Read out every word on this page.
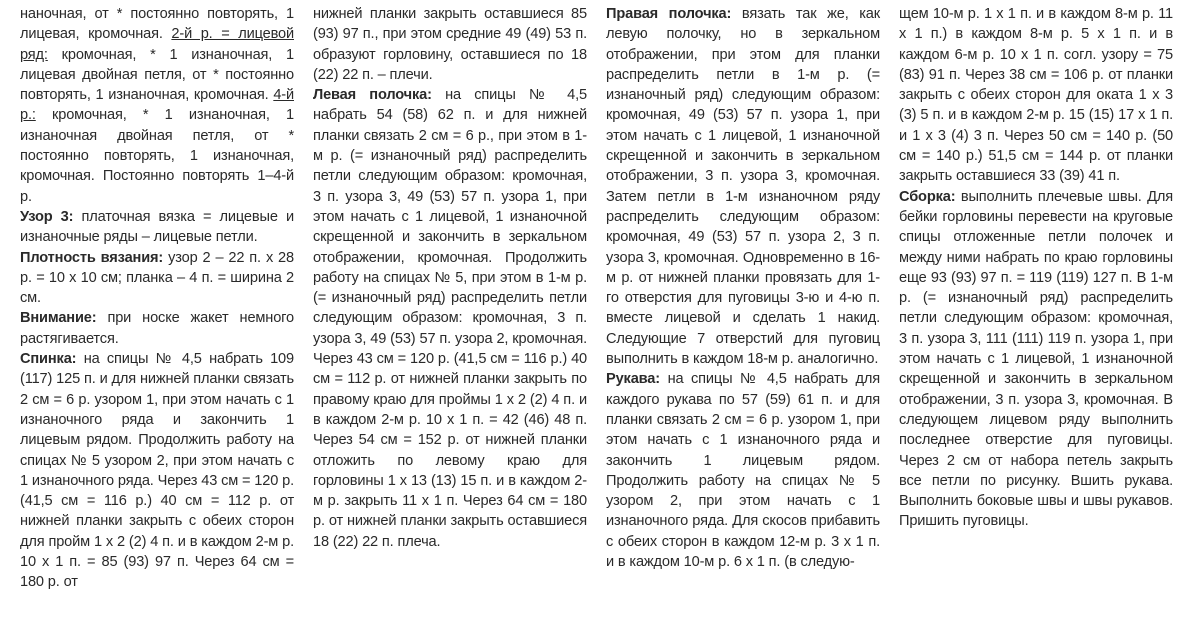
наночная, от * постоянно повторять, 1 лицевая, кромочная. 2-й р. = лицевой ряд: кромочная, * 1 изнаночная, 1 лицевая двойная петля, от * постоянно повторять, 1 изнаночная, кромочная. 4-й р.: кромочная, * 1 изнаночная, 1 изнаночная двойная петля, от * постоянно повторять, 1 изнаночная, кромочная. Постоянно повторять 1–4-й р.

Узор 3: платочная вязка = лицевые и изнаночные ряды – лицевые петли.

Плотность вязания: узор 2 – 22 п. х 28 р. = 10 х 10 см; планка – 4 п. = ширина 2 см.

Внимание: при носке жакет немного растягивается.

Спинка: на спицы № 4,5 набрать 109 (117) 125 п. и для нижней планки связать 2 см = 6 р. узором 1, при этом начать с 1 изнаночного ряда и закончить 1 лицевым рядом. Продолжить работу на спицах № 5 узором 2, при этом начать с 1 изнаночного ряда. Через 43 см = 120 р. (41,5 см = 116 р.) 40 см = 112 р. от нижней планки закрыть с обеих сторон для пройм 1 х 2 (2) 4 п. и в каждом 2-м р. 10 х 1 п. = 85 (93) 97 п. Через 64 см = 180 р. от

нижней планки закрыть оставшиеся 85 (93) 97 п., при этом средние 49 (49) 53 п. образуют горловину, оставшиеся по 18 (22) 22 п. – плечи.

Левая полочка: на спицы № 4,5 набрать 54 (58) 62 п. и для нижней планки связать 2 см = 6 р., при этом в 1-м р. (= изнаночный ряд) распределить петли следующим образом: кромочная, 3 п. узора 3, 49 (53) 57 п. узора 1, при этом начать с 1 лицевой, 1 изнаночной скрещенной и закончить в зеркальном отображении, кромочная. Продолжить работу на спицах № 5, при этом в 1-м р. (= изнаночный ряд) распределить петли следующим образом: кромочная, 3 п. узора 3, 49 (53) 57 п. узора 2, кромочная. Через 43 см = 120 р. (41,5 см = 116 р.) 40 см = 112 р. от нижней планки закрыть по правому краю для проймы 1 х 2 (2) 4 п. и в каждом 2-м р. 10 х 1 п. = 42 (46) 48 п. Через 54 см = 152 р. от нижней планки отложить по левому краю для горловины 1 х 13 (13) 15 п. и в каждом 2-м р. закрыть 11 х 1 п. Через 64 см = 180 р. от нижней планки закрыть оставшиеся 18 (22) 22 п. плеча.

Правая полочка: вязать так же, как левую полочку, но в зеркальном отображении, при этом для планки распределить петли в 1-м р. (= изнаночный ряд) следующим образом: кромочная, 49 (53) 57 п. узора 1, при этом начать с 1 лицевой, 1 изнаночной скрещенной и закончить в зеркальном отображении, 3 п. узора 3, кромочная. Затем петли в 1-м изнаночном ряду распределить следующим образом: кромочная, 49 (53) 57 п. узора 2, 3 п. узора 3, кромочная. Одновременно в 16-м р. от нижней планки провязать для 1-го отверстия для пуговицы 3-ю и 4-ю п. вместе лицевой и сделать 1 накид. Следующие 7 отверстий для пуговиц выполнить в каждом 18-м р. аналогично.

Рукава: на спицы № 4,5 набрать для каждого рукава по 57 (59) 61 п. и для планки связать 2 см = 6 р. узором 1, при этом начать с 1 изнаночного ряда и закончить 1 лицевым рядом. Продолжить работу на спицах № 5 узором 2, при этом начать с 1 изнаночного ряда. Для скосов прибавить с обеих сторон в каждом 12-м р. 3 х 1 п. и в каждом 10-м р. 6 х 1 п. (в следую-

щем 10-м р. 1 х 1 п. и в каждом 8-м р. 11 х 1 п.) в каждом 8-м р. 5 х 1 п. и в каждом 6-м р. 10 х 1 п. согл. узору = 75 (83) 91 п. Через 38 см = 106 р. от планки закрыть с обеих сторон для оката 1 х 3 (3) 5 п. и в каждом 2-м р. 15 (15) 17 х 1 п. и 1 х 3 (4) 3 п. Через 50 см = 140 р. (50 см = 140 р.) 51,5 см = 144 р. от планки закрыть оставшиеся 33 (39) 41 п.

Сборка: выполнить плечевые швы. Для бейки горловины перевести на круговые спицы отложенные петли полочек и между ними набрать по краю горловины еще 93 (93) 97 п. = 119 (119) 127 п. В 1-м р. (= изнаночный ряд) распределить петли следующим образом: кромочная, 3 п. узора 3, 111 (111) 119 п. узора 1, при этом начать с 1 лицевой, 1 изнаночной скрещенной и закончить в зеркальном отображении, 3 п. узора 3, кромочная. В следующем лицевом ряду выполнить последнее отверстие для пуговицы. Через 2 см от набора петель закрыть все петли по рисунку. Вшить рукава. Выполнить боковые швы и швы рукавов. Пришить пуговицы.
